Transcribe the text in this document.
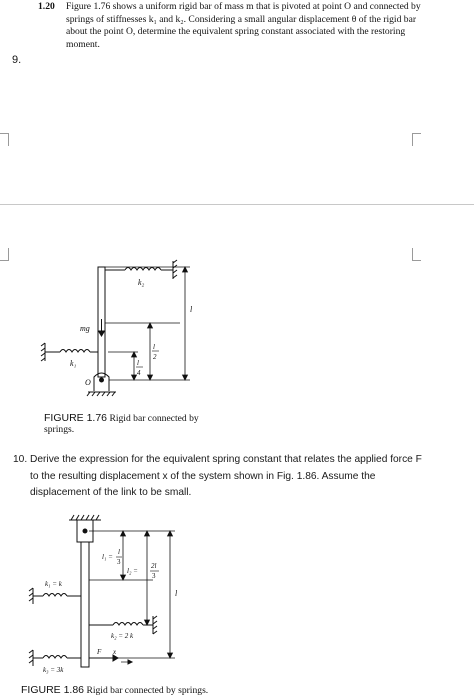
1.20 Figure 1.76 shows a uniform rigid bar of mass m that is pivoted at point O and connected by springs of stiffnesses k₁ and k₂. Considering a small angular displacement θ of the rigid bar about the point O, determine the equivalent spring constant associated with the restoring moment.
9.
k₂
mg
k₁
O
l
l
2
l
4
FIGURE 1.76 Rigid bar connected by springs.
10. Derive the expression for the equivalent spring constant that relates the applied force F
to the resulting displacement x of the system shown in Fig. 1.86. Assume the
displacement of the link to be small.
l₁ =
l
3
l₂ =
2l
3
l
k₁ = k
k₂ = 2 k
k₃ = 3k
F x
FIGURE 1.86 Rigid bar connected by springs.
